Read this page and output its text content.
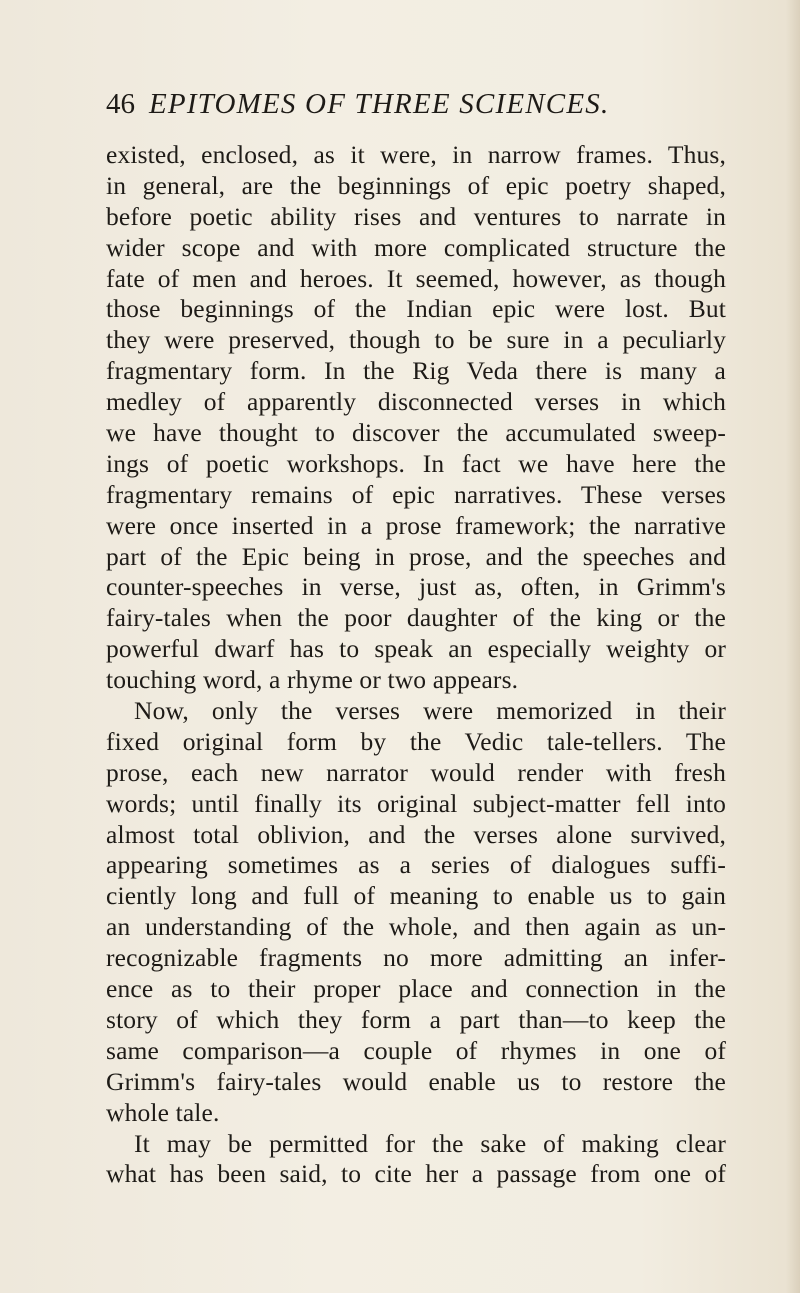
46 EPITOMES OF THREE SCIENCES.
existed, enclosed, as it were, in narrow frames. Thus,
in general, are the beginnings of epic poetry shaped,
before poetic ability rises and ventures to narrate in
wider scope and with more complicated structure the
fate of men and heroes. It seemed, however, as though
those beginnings of the Indian epic were lost. But
they were preserved, though to be sure in a peculiarly
fragmentary form. In the Rig Veda there is many a
medley of apparently disconnected verses in which
we have thought to discover the accumulated sweep-
ings of poetic workshops. In fact we have here the
fragmentary remains of epic narratives. These verses
were once inserted in a prose framework; the narrative
part of the Epic being in prose, and the speeches and
counter-speeches in verse, just as, often, in Grimm's
fairy-tales when the poor daughter of the king or the
powerful dwarf has to speak an especially weighty or
touching word, a rhyme or two appears.
Now, only the verses were memorized in their
fixed original form by the Vedic tale-tellers. The
prose, each new narrator would render with fresh
words; until finally its original subject-matter fell into
almost total oblivion, and the verses alone survived,
appearing sometimes as a series of dialogues suffi-
ciently long and full of meaning to enable us to gain
an understanding of the whole, and then again as un-
recognizable fragments no more admitting an infer-
ence as to their proper place and connection in the
story of which they form a part than—to keep the
same comparison—a couple of rhymes in one of
Grimm's fairy-tales would enable us to restore the
whole tale.
It may be permitted for the sake of making clear
what has been said, to cite her a passage from one of
